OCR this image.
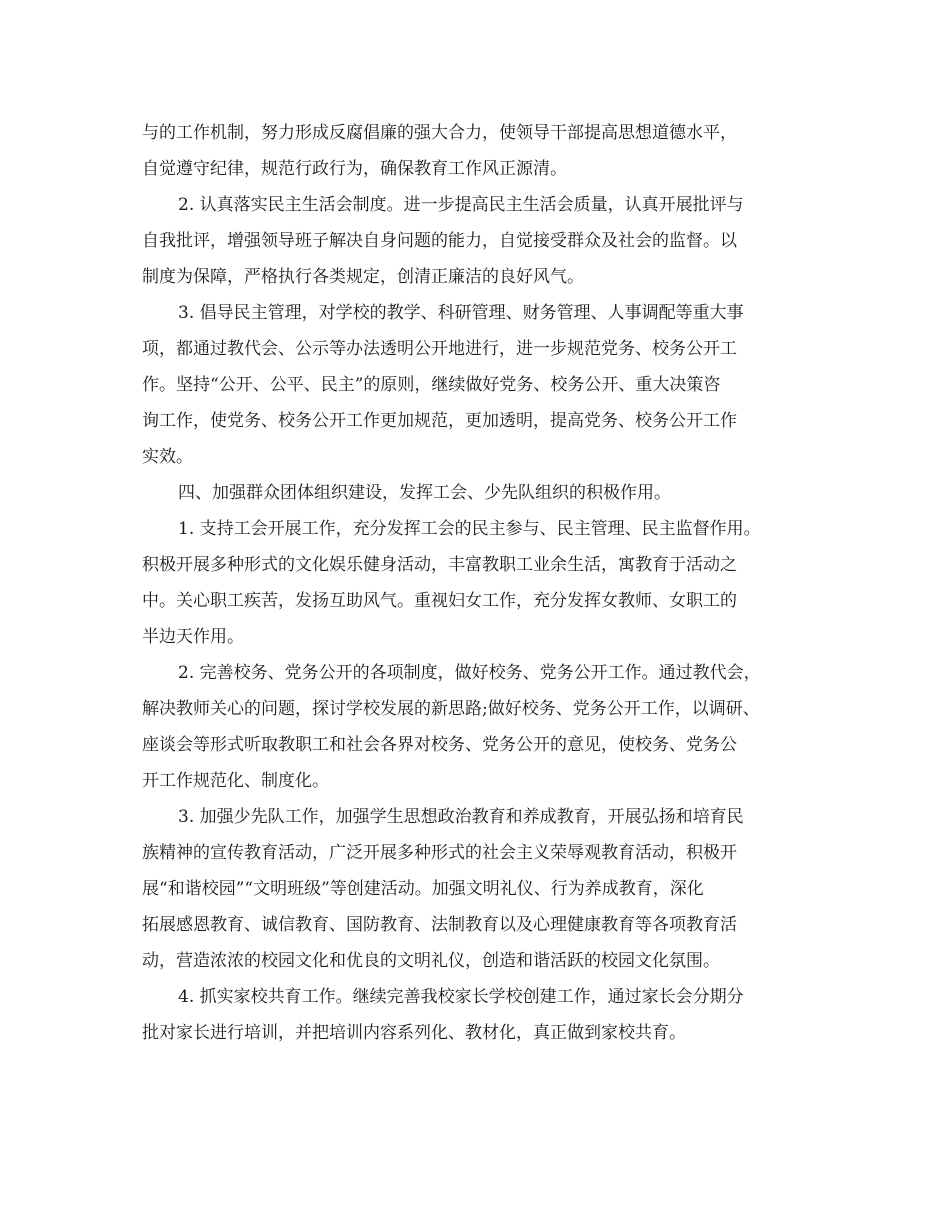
与的工作机制，努力形成反腐倡廉的强大合力，使领导干部提高思想道德水平，
自觉遵守纪律，规范行政行为，确保教育工作风正源清。
2. 认真落实民主生活会制度。进一步提高民主生活会质量，认真开展批评与
自我批评，增强领导班子解决自身问题的能力，自觉接受群众及社会的监督。以
制度为保障，严格执行各类规定，创清正廉洁的良好风气。
3. 倡导民主管理，对学校的教学、科研管理、财务管理、人事调配等重大事
项，都通过教代会、公示等办法透明公开地进行，进一步规范党务、校务公开工
作。坚持“公开、公平、民主”的原则，继续做好党务、校务公开、重大决策咨
询工作，使党务、校务公开工作更加规范，更加透明，提高党务、校务公开工作
实效。
四、加强群众团体组织建设，发挥工会、少先队组织的积极作用。
1. 支持工会开展工作，充分发挥工会的民主参与、民主管理、民主监督作用。
积极开展多种形式的文化娱乐健身活动，丰富教职工业余生活，寓教育于活动之
中。关心职工疾苦，发扬互助风气。重视妇女工作，充分发挥女教师、女职工的
半边天作用。
2. 完善校务、党务公开的各项制度，做好校务、党务公开工作。通过教代会，
解决教师关心的问题，探讨学校发展的新思路;做好校务、党务公开工作，以调研、
座谈会等形式听取教职工和社会各界对校务、党务公开的意见，使校务、党务公
开工作规范化、制度化。
3. 加强少先队工作，加强学生思想政治教育和养成教育，开展弘扬和培育民
族精神的宣传教育活动，广泛开展多种形式的社会主义荣辱观教育活动，积极开
展“和谐校园”“文明班级”等创建活动。加强文明礼仪、行为养成教育，深化
拓展感恩教育、诚信教育、国防教育、法制教育以及心理健康教育等各项教育活
动，营造浓浓的校园文化和优良的文明礼仪，创造和谐活跃的校园文化氛围。
4. 抓实家校共育工作。继续完善我校家长学校创建工作，通过家长会分期分
批对家长进行培训，并把培训内容系列化、教材化，真正做到家校共育。
